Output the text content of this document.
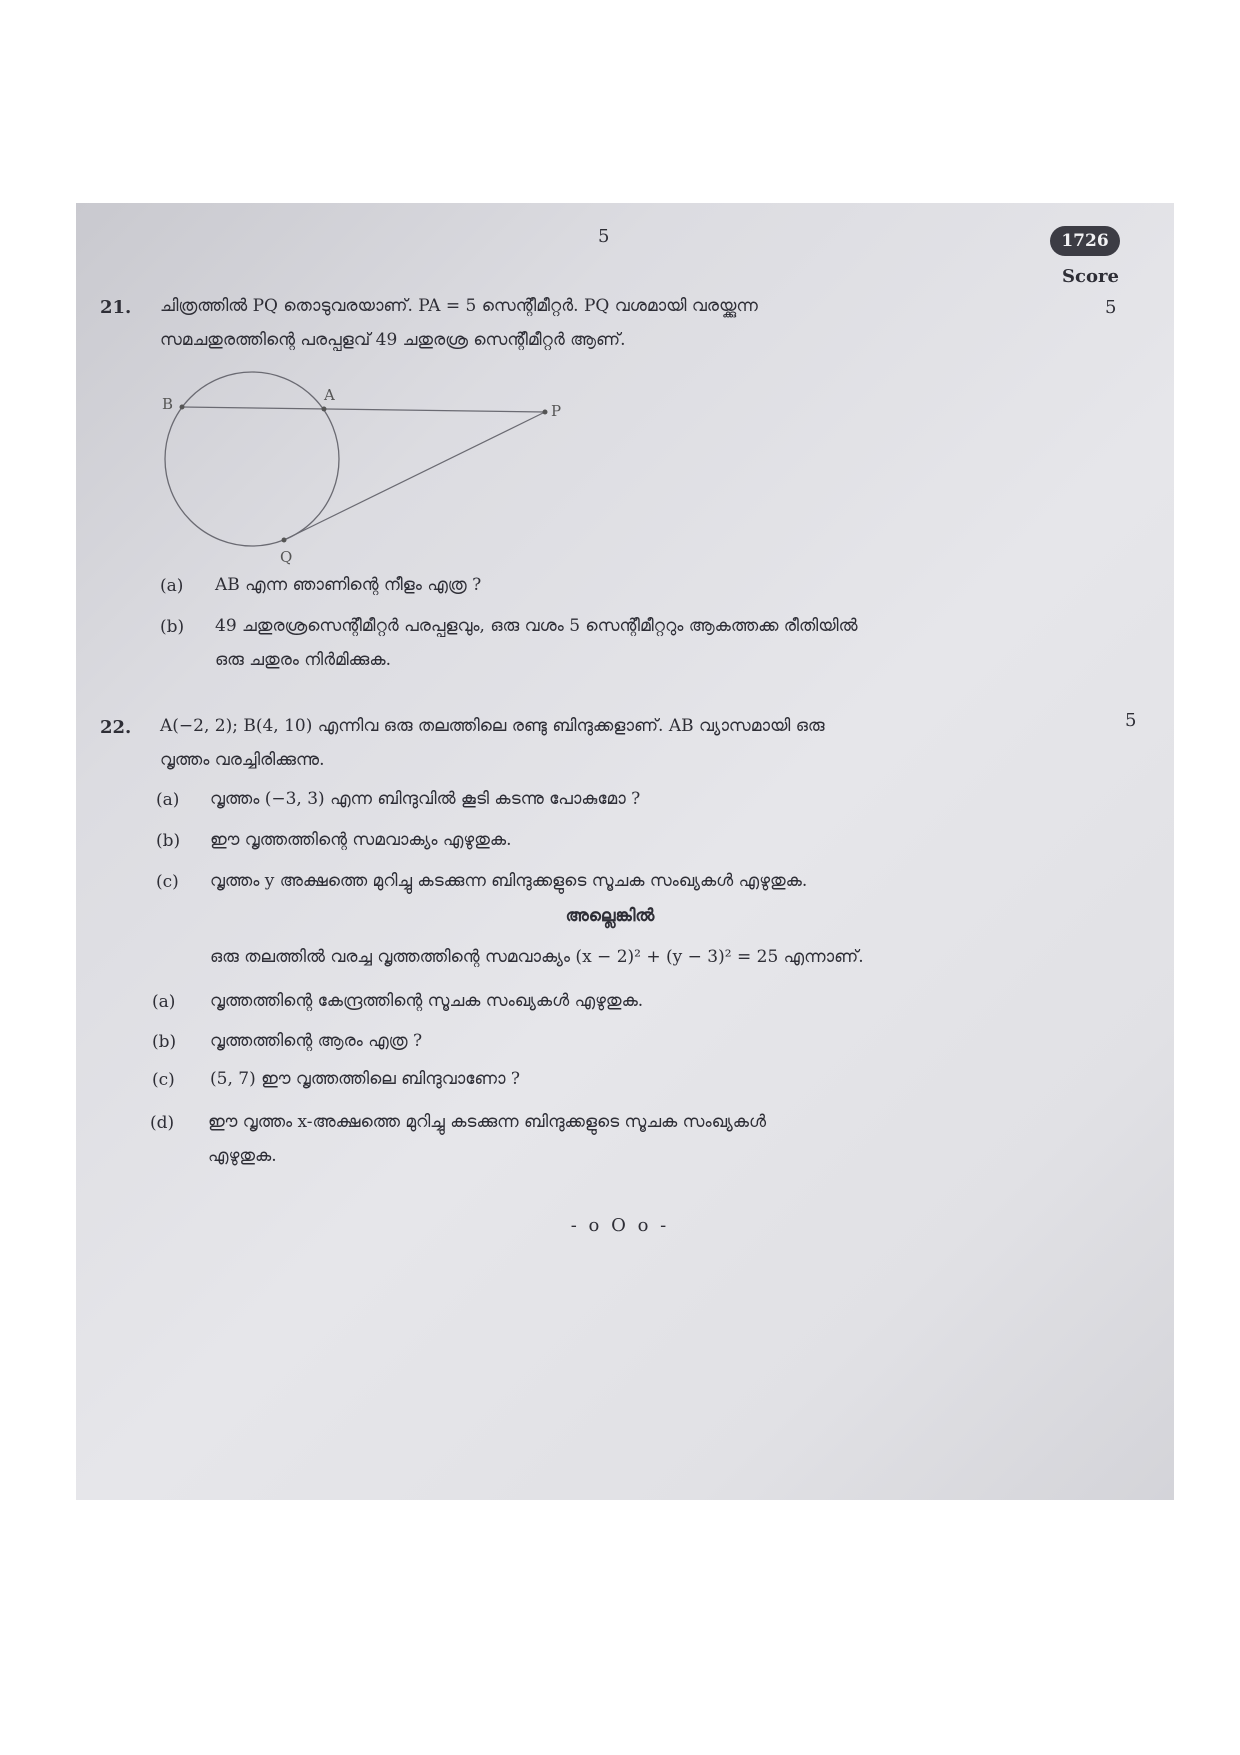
5	1726
Score
21.	5
ചിത്രത്തിൽ PQ തൊടുവരയാണ്. PA = 5 സെന്റീമീറ്റർ. PQ വശമായി വരയ്ക്കുന്ന
സമചതുരത്തിന്റെ പരപ്പളവ് 49 ചതുരശ്ര സെന്റീമീറ്റർ ആണ്.
B	A
P
Q
(a) AB എന്ന ഞാണിന്റെ നീളം എത്ര ?
(b) 49 ചതുരശ്രസെന്റീമീറ്റർ പരപ്പളവും, ഒരു വശം 5 സെന്റീമീറ്ററും ആകത്തക്ക രീതിയിൽ
ഒരു ചതുരം നിർമിക്കുക.
22.	5
A(−2, 2); B(4, 10) എന്നിവ ഒരു തലത്തിലെ രണ്ടു ബിന്ദുക്കളാണ്. AB വ്യാസമായി ഒരു
വൃത്തം വരച്ചിരിക്കുന്നു.
(a) വൃത്തം (−3, 3) എന്ന ബിന്ദുവിൽ കൂടി കടന്നു പോകുമോ ?
(b) ഈ വൃത്തത്തിന്റെ സമവാക്യം എഴുതുക.
(c) വൃത്തം y അക്ഷത്തെ മുറിച്ചു കടക്കുന്ന ബിന്ദുക്കളുടെ സൂചക സംഖ്യകൾ എഴുതുക.
അല്ലെങ്കിൽ
ഒരു തലത്തിൽ വരച്ച വൃത്തത്തിന്റെ സമവാക്യം (x − 2)² + (y − 3)² = 25 എന്നാണ്.
(a) വൃത്തത്തിന്റെ കേന്ദ്രത്തിന്റെ സൂചക സംഖ്യകൾ എഴുതുക.
(b) വൃത്തത്തിന്റെ ആരം എത്ര ?
(c) (5, 7) ഈ വൃത്തത്തിലെ ബിന്ദുവാണോ ?
(d) ഈ വൃത്തം x-അക്ഷത്തെ മുറിച്ചു കടക്കുന്ന ബിന്ദുക്കളുടെ സൂചക സംഖ്യകൾ
എഴുതുക.
- o O o -
